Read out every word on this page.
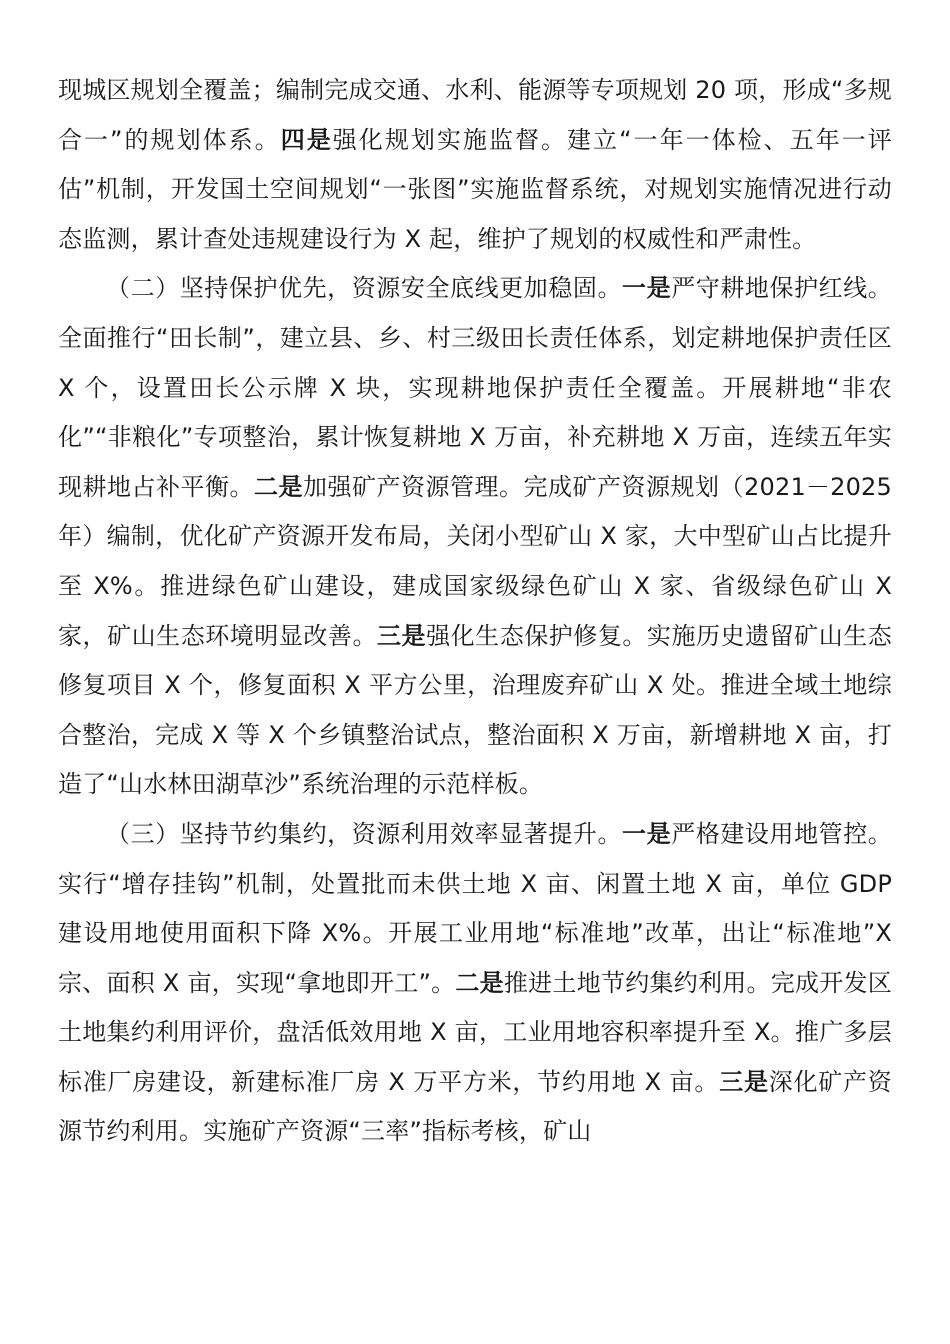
现城区规划全覆盖；编制完成交通、水利、能源等专项规划 20 项，形成“多规合一”的规划体系。四是强化规划实施监督。建立“一年一体检、五年一评估”机制，开发国土空间规划“一张图”实施监督系统，对规划实施情况进行动态监测，累计查处违规建设行为 X 起，维护了规划的权威性和严肃性。

（二）坚持保护优先，资源安全底线更加稳固。一是严守耕地保护红线。全面推行“田长制”，建立县、乡、村三级田长责任体系，划定耕地保护责任区 X 个，设置田长公示牌 X 块，实现耕地保护责任全覆盖。开展耕地“非农化”“非粮化”专项整治，累计恢复耕地 X 万亩，补充耕地 X 万亩，连续五年实现耕地占补平衡。二是加强矿产资源管理。完成矿产资源规划（2021－2025 年）编制，优化矿产资源开发布局，关闭小型矿山 X 家，大中型矿山占比提升至 X%。推进绿色矿山建设，建成国家级绿色矿山 X 家、省级绿色矿山 X 家，矿山生态环境明显改善。三是强化生态保护修复。实施历史遗留矿山生态修复项目 X 个，修复面积 X 平方公里，治理废弃矿山 X 处。推进全域土地综合整治，完成 X 等 X 个乡镇整治试点，整治面积 X 万亩，新增耕地 X 亩，打造了“山水林田湖草沙”系统治理的示范样板。

（三）坚持节约集约，资源利用效率显著提升。一是严格建设用地管控。实行“增存挂钩”机制，处置批而未供土地 X 亩、闲置土地 X 亩，单位 GDP 建设用地使用面积下降 X%。开展工业用地“标准地”改革，出让“标准地”X 宗、面积 X 亩，实现“拿地即开工”。二是推进土地节约集约利用。完成开发区土地集约利用评价，盘活低效用地 X 亩，工业用地容积率提升至 X。推广多层标准厂房建设，新建标准厂房 X 万平方米，节约用地 X 亩。三是深化矿产资源节约利用。实施矿产资源“三率”指标考核，矿山
